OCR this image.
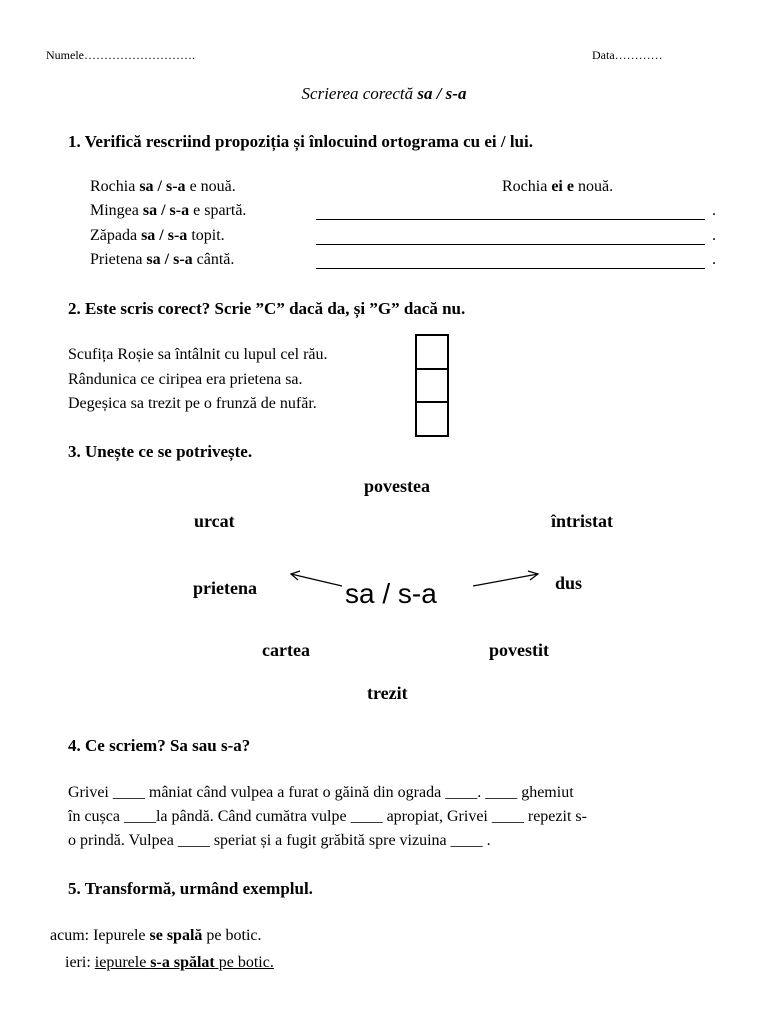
Numele……………………….	Data…………
Scrierea corectă sa / s-a
1. Verifică rescriind propoziția și înlocuind ortograma cu ei / lui.
Rochia sa / s-a e nouă.	Rochia ei e nouă.
Mingea sa / s-a e spartă.	.
Zăpada sa / s-a topit.	.
Prietena sa / s-a cântă.	.
2. Este scris corect? Scrie ”C” dacă da, și ”G” dacă nu.
Scufița Roșie sa întâlnit cu lupul cel rău.
Rândunica ce ciripea era prietena sa.
Degeșica sa trezit pe o frunză de nufăr.
3. Unește ce se potrivește.
povestea
urcat	întristat
prietena	dus
sa / s-a
cartea	povestit
trezit
4. Ce scriem? Sa sau s-a?
Grivei ____ mâniat când vulpea a furat o găină din ograda ____. ____ ghemiut
în cușca ____la pândă. Când cumătra vulpe ____ apropiat, Grivei ____ repezit s-
o prindă. Vulpea ____ speriat și a fugit grăbită spre vizuina ____ .
5. Transformă, urmând exemplul.
acum: Iepurele se spală pe botic.
ieri: iepurele s-a spălat pe botic.
